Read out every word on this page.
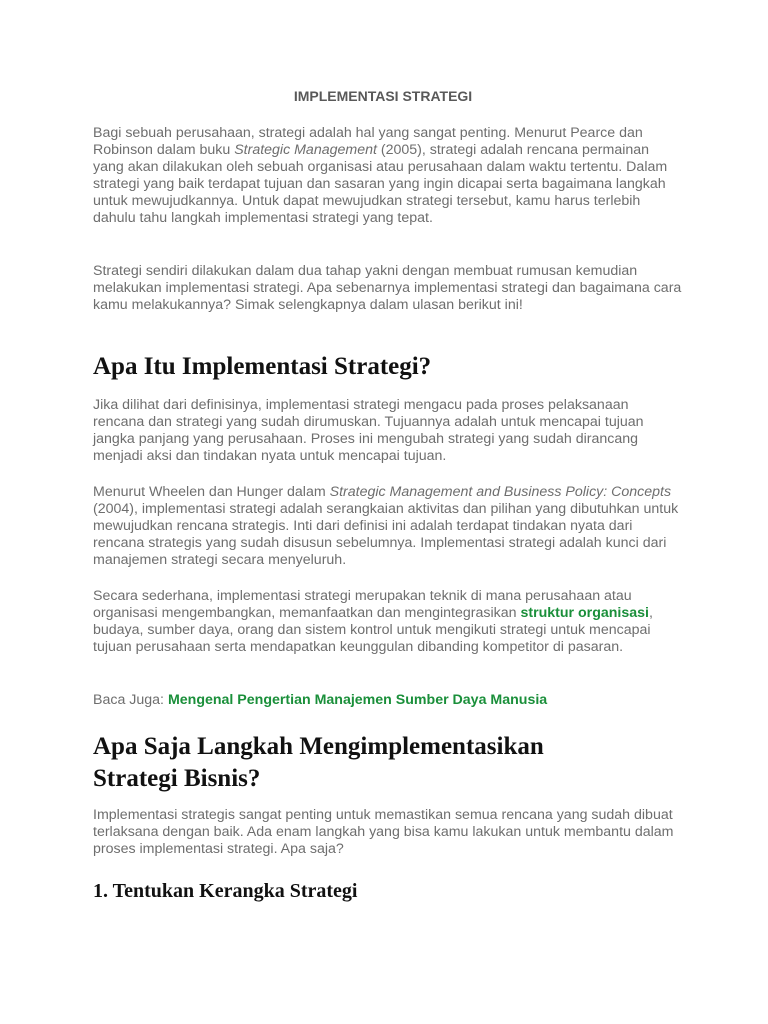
IMPLEMENTASI STRATEGI

Bagi sebuah perusahaan, strategi adalah hal yang sangat penting. Menurut Pearce dan Robinson dalam buku Strategic Management (2005), strategi adalah rencana permainan yang akan dilakukan oleh sebuah organisasi atau perusahaan dalam waktu tertentu. Dalam strategi yang baik terdapat tujuan dan sasaran yang ingin dicapai serta bagaimana langkah untuk mewujudkannya. Untuk dapat mewujudkan strategi tersebut, kamu harus terlebih dahulu tahu langkah implementasi strategi yang tepat.

Strategi sendiri dilakukan dalam dua tahap yakni dengan membuat rumusan kemudian melakukan implementasi strategi. Apa sebenarnya implementasi strategi dan bagaimana cara kamu melakukannya? Simak selengkapnya dalam ulasan berikut ini!

Apa Itu Implementasi Strategi?

Jika dilihat dari definisinya, implementasi strategi mengacu pada proses pelaksanaan rencana dan strategi yang sudah dirumuskan. Tujuannya adalah untuk mencapai tujuan jangka panjang yang perusahaan. Proses ini mengubah strategi yang sudah dirancang menjadi aksi dan tindakan nyata untuk mencapai tujuan.

Menurut Wheelen dan Hunger dalam Strategic Management and Business Policy: Concepts (2004), implementasi strategi adalah serangkaian aktivitas dan pilihan yang dibutuhkan untuk mewujudkan rencana strategis. Inti dari definisi ini adalah terdapat tindakan nyata dari rencana strategis yang sudah disusun sebelumnya. Implementasi strategi adalah kunci dari manajemen strategi secara menyeluruh.

Secara sederhana, implementasi strategi merupakan teknik di mana perusahaan atau organisasi mengembangkan, memanfaatkan dan mengintegrasikan struktur organisasi, budaya, sumber daya, orang dan sistem kontrol untuk mengikuti strategi untuk mencapai tujuan perusahaan serta mendapatkan keunggulan dibanding kompetitor di pasaran.

Baca Juga: Mengenal Pengertian Manajemen Sumber Daya Manusia

Apa Saja Langkah Mengimplementasikan Strategi Bisnis?

Implementasi strategis sangat penting untuk memastikan semua rencana yang sudah dibuat terlaksana dengan baik. Ada enam langkah yang bisa kamu lakukan untuk membantu dalam proses implementasi strategi. Apa saja?

1. Tentukan Kerangka Strategi
